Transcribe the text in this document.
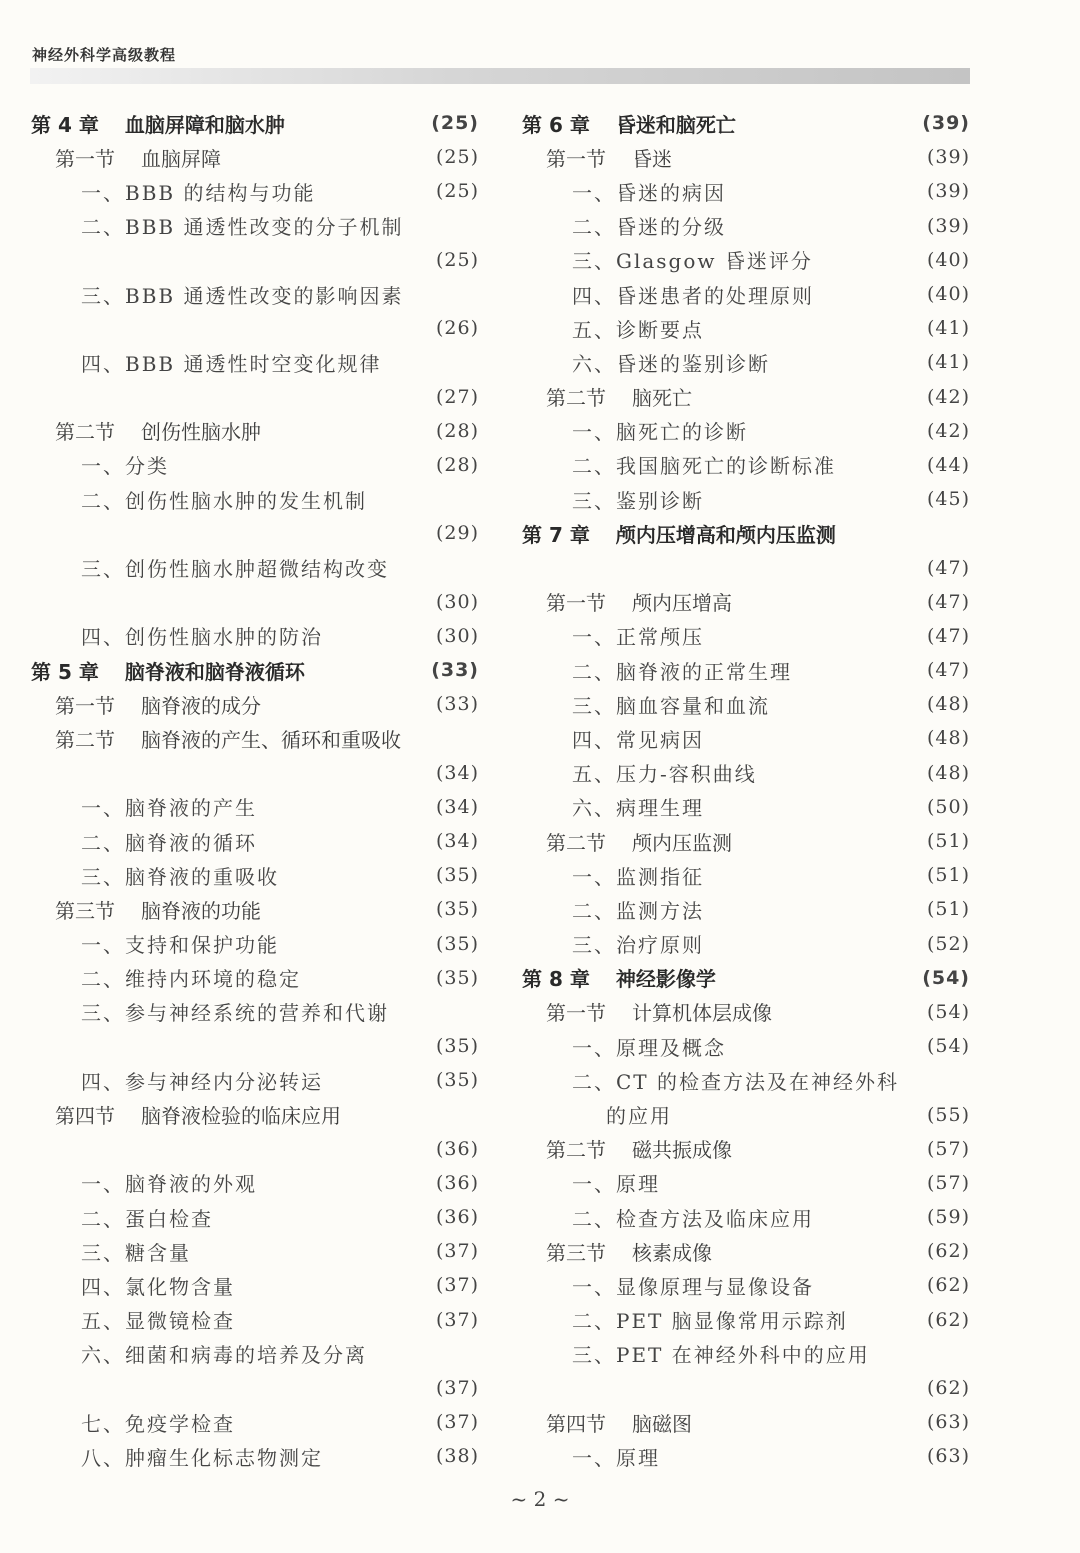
神经外科学高级教程
第 4 章 血脑屏障和脑水肿	(25)
第一节 血脑屏障	(25)
一、BBB 的结构与功能	(25)
二、BBB 通透性改变的分子机制
(25)
三、BBB 通透性改变的影响因素
(26)
四、BBB 通透性时空变化规律
(27)
第二节 创伤性脑水肿	(28)
一、分类	(28)
二、创伤性脑水肿的发生机制
(29)
三、创伤性脑水肿超微结构改变
(30)
四、创伤性脑水肿的防治	(30)
第 5 章 脑脊液和脑脊液循环	(33)
第一节 脑脊液的成分	(33)
第二节 脑脊液的产生、循环和重吸收
(34)
一、脑脊液的产生	(34)
二、脑脊液的循环	(34)
三、脑脊液的重吸收	(35)
第三节 脑脊液的功能	(35)
一、支持和保护功能	(35)
二、维持内环境的稳定	(35)
三、参与神经系统的营养和代谢
(35)
四、参与神经内分泌转运	(35)
第四节 脑脊液检验的临床应用
(36)
一、脑脊液的外观	(36)
二、蛋白检查	(36)
三、糖含量	(37)
四、氯化物含量	(37)
五、显微镜检查	(37)
六、细菌和病毒的培养及分离
(37)
七、免疫学检查	(37)
八、肿瘤生化标志物测定	(38)
第 6 章 昏迷和脑死亡	(39)
第一节 昏迷	(39)
一、昏迷的病因	(39)
二、昏迷的分级	(39)
三、Glasgow 昏迷评分	(40)
四、昏迷患者的处理原则	(40)
五、诊断要点	(41)
六、昏迷的鉴别诊断	(41)
第二节 脑死亡	(42)
一、脑死亡的诊断	(42)
二、我国脑死亡的诊断标准	(44)
三、鉴别诊断	(45)
第 7 章 颅内压增高和颅内压监测
(47)
第一节 颅内压增高	(47)
一、正常颅压	(47)
二、脑脊液的正常生理	(47)
三、脑血容量和血流	(48)
四、常见病因	(48)
五、压力-容积曲线	(48)
六、病理生理	(50)
第二节 颅内压监测	(51)
一、监测指征	(51)
二、监测方法	(51)
三、治疗原则	(52)
第 8 章 神经影像学	(54)
第一节 计算机体层成像	(54)
一、原理及概念	(54)
二、CT 的检查方法及在神经外科
的应用	(55)
第二节 磁共振成像	(57)
一、原理	(57)
二、检查方法及临床应用	(59)
第三节 核素成像	(62)
一、显像原理与显像设备	(62)
二、PET 脑显像常用示踪剂	(62)
三、PET 在神经外科中的应用
(62)
第四节 脑磁图	(63)
一、原理	(63)
~ 2 ~
